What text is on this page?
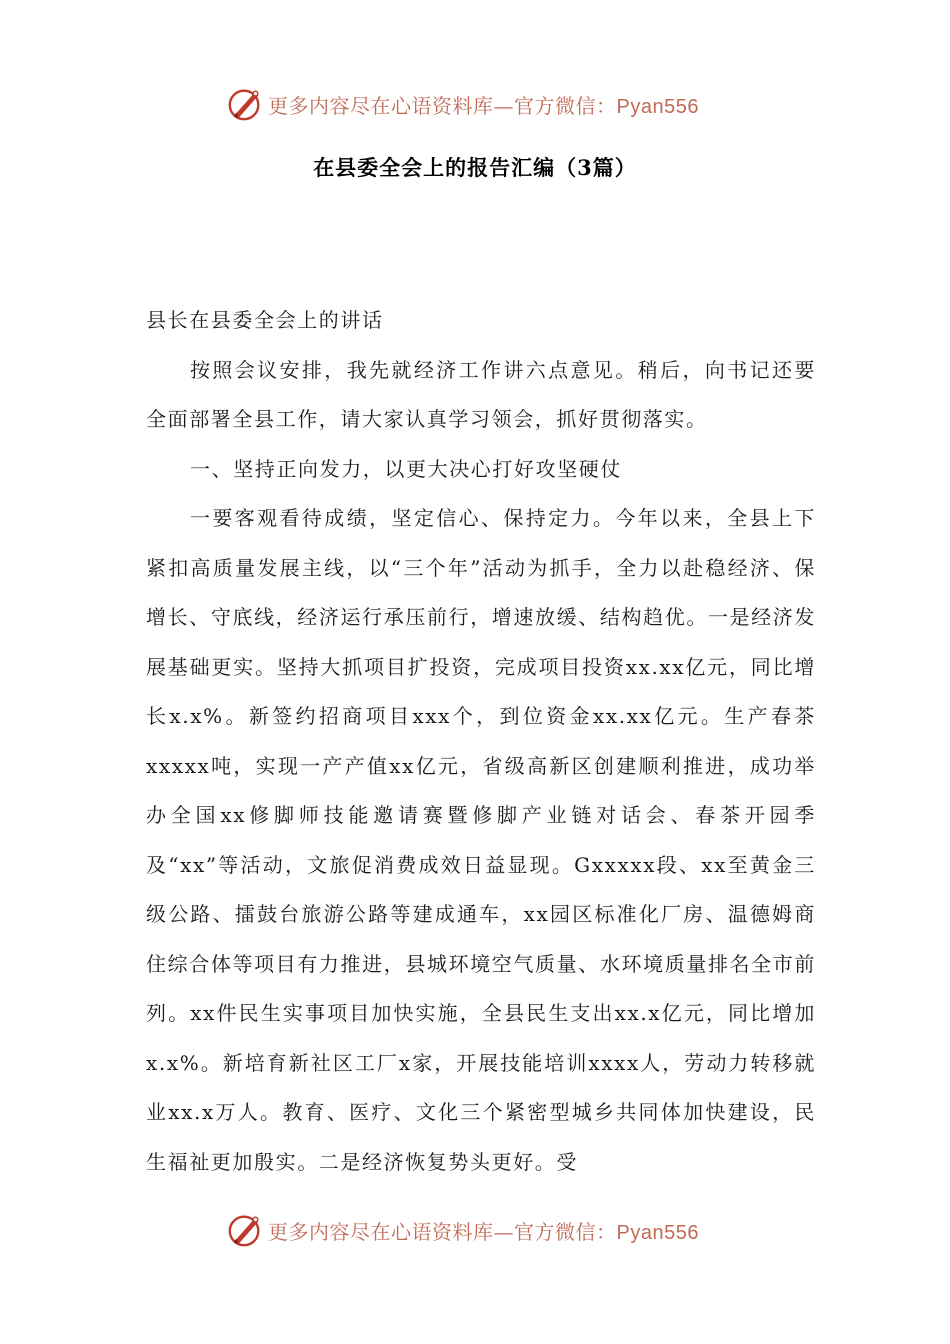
更多内容尽在心语资料库—官方微信：Pyan556
在县委全会上的报告汇编（3篇）

县长在县委全会上的讲话

按照会议安排，我先就经济工作讲六点意见。稍后，向书记还要全面部署全县工作，请大家认真学习领会，抓好贯彻落实。

一、坚持正向发力，以更大决心打好攻坚硬仗

一要客观看待成绩，坚定信心、保持定力。今年以来，全县上下紧扣高质量发展主线，以“三个年”活动为抓手，全力以赴稳经济、保增长、守底线，经济运行承压前行，增速放缓、结构趋优。一是经济发展基础更实。坚持大抓项目扩投资，完成项目投资xx.xx亿元，同比增长x.x%。新签约招商项目xxx个，到位资金xx.xx亿元。生产春茶xxxxx吨，实现一产产值xx亿元，省级高新区创建顺利推进，成功举办全国xx修脚师技能邀请赛暨修脚产业链对话会、春茶开园季及“xx”等活动，文旅促消费成效日益显现。Gxxxxx段、xx至黄金三级公路、擂鼓台旅游公路等建成通车，xx园区标准化厂房、温德姆商住综合体等项目有力推进，县城环境空气质量、水环境质量排名全市前列。xx件民生实事项目加快实施，全县民生支出xx.x亿元，同比增加x.x%。新培育新社区工厂x家，开展技能培训xxxx人，劳动力转移就业xx.x万人。教育、医疗、文化三个紧密型城乡共同体加快建设，民生福祉更加殷实。二是经济恢复势头更好。受

更多内容尽在心语资料库—官方微信：Pyan556
